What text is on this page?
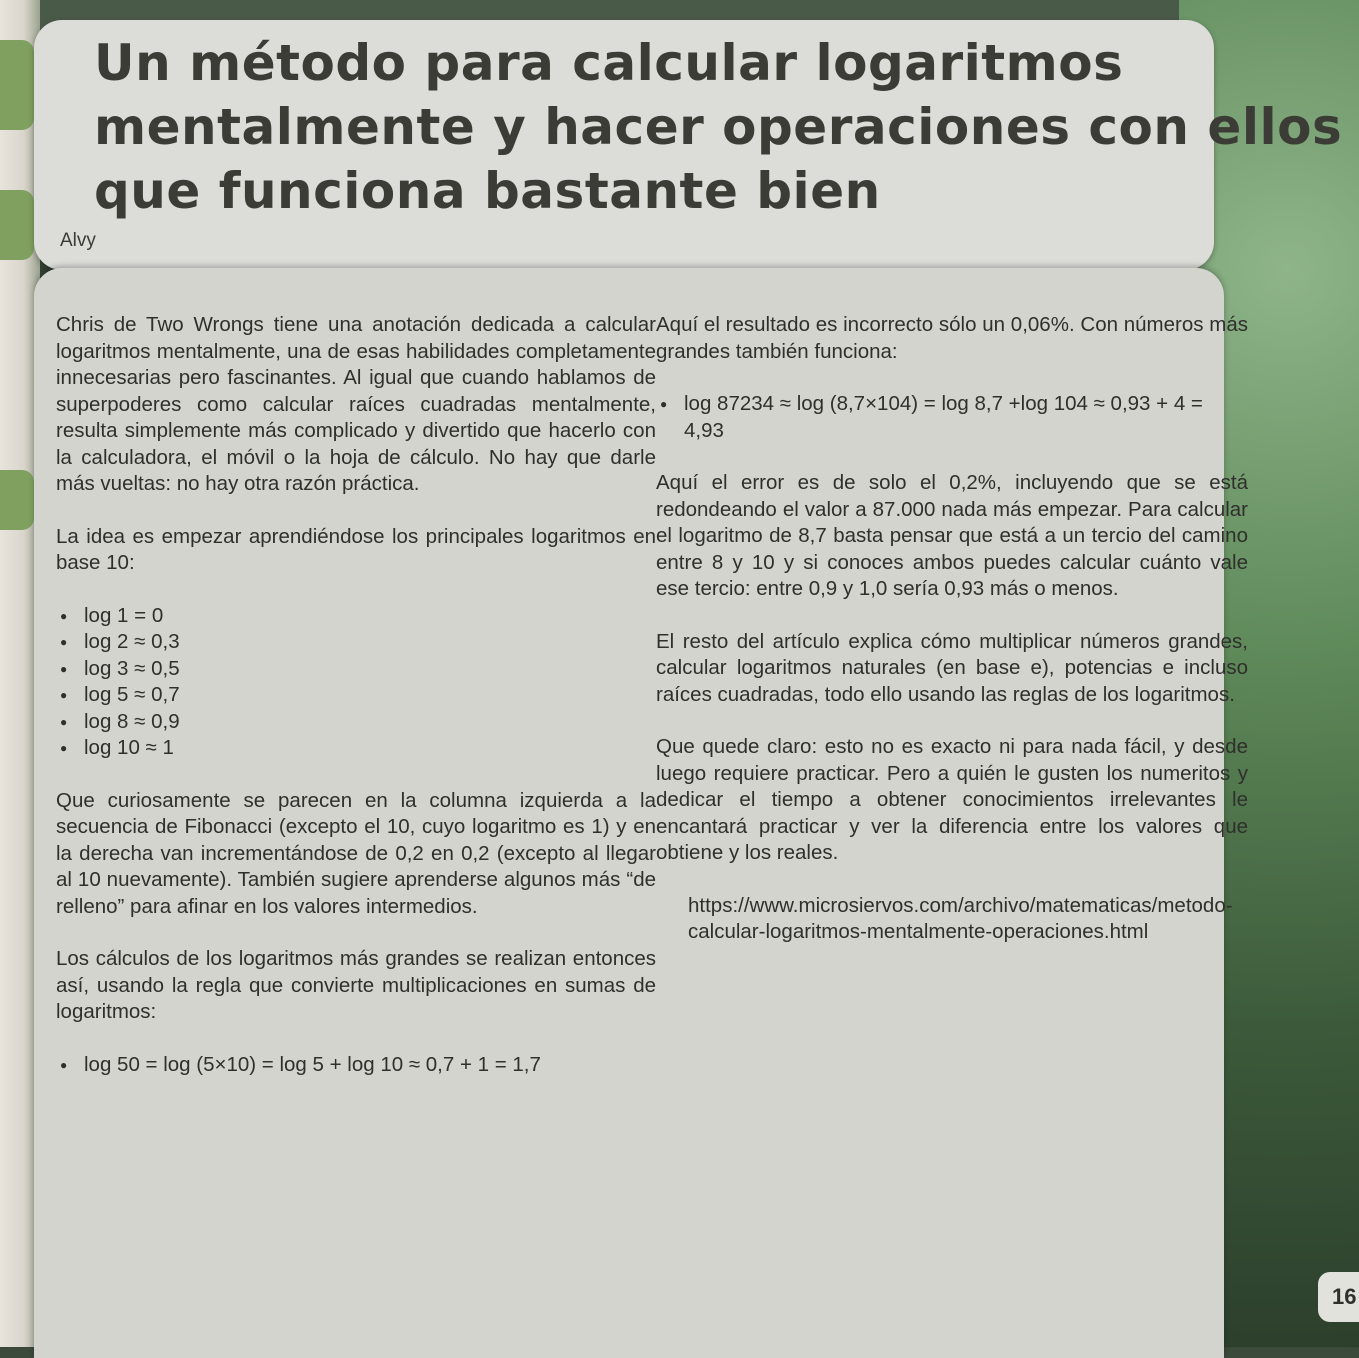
Un método para calcular logaritmos
mentalmente y hacer operaciones con ellos
que funciona bastante bien
Alvy

Chris de Two Wrongs tiene una anotación dedicada a calcular logaritmos mentalmente, una de esas habilidades completamente innecesarias pero fascinantes. Al igual que cuando hablamos de superpoderes como calcular raíces cuadradas mentalmente, resulta simplemente más complicado y divertido que hacerlo con la calculadora, el móvil o la hoja de cálculo. No hay que darle más vueltas: no hay otra razón práctica.

La idea es empezar aprendiéndose los principales logaritmos en base 10:

● log 1 = 0
● log 2 ≈ 0,3
● log 3 ≈ 0,5
● log 5 ≈ 0,7
● log 8 ≈ 0,9
● log 10 ≈ 1

Que curiosamente se parecen en la columna izquierda a la secuencia de Fibonacci (excepto el 10, cuyo logaritmo es 1) y en la derecha van incrementándose de 0,2 en 0,2 (excepto al llegar al 10 nuevamente). También sugiere aprenderse algunos más “de relleno” para afinar en los valores intermedios.

Los cálculos de los logaritmos más grandes se realizan entonces así, usando la regla que convierte multiplicaciones en sumas de logaritmos:

● log 50 = log (5×10) = log 5 + log 10 ≈ 0,7 + 1 = 1,7

Aquí el resultado es incorrecto sólo un 0,06%. Con números más grandes también funciona:

● log 87234 ≈ log (8,7×104) = log 8,7 +log 104 ≈ 0,93 + 4 = 4,93

Aquí el error es de solo el 0,2%, incluyendo que se está redondeando el valor a 87.000 nada más empezar. Para calcular el logaritmo de 8,7 basta pensar que está a un tercio del camino entre 8 y 10 y si conoces ambos puedes calcular cuánto vale ese tercio: entre 0,9 y 1,0 sería 0,93 más o menos.

El resto del artículo explica cómo multiplicar números grandes, calcular logaritmos naturales (en base e), potencias e incluso raíces cuadradas, todo ello usando las reglas de los logaritmos.

Que quede claro: esto no es exacto ni para nada fácil, y desde luego requiere practicar. Pero a quién le gusten los numeritos y dedicar el tiempo a obtener conocimientos irrelevantes le encantará practicar y ver la diferencia entre los valores que obtiene y los reales.

https://www.microsiervos.com/archivo/matematicas/metodo-calcular-logaritmos-mentalmente-operaciones.html

16
